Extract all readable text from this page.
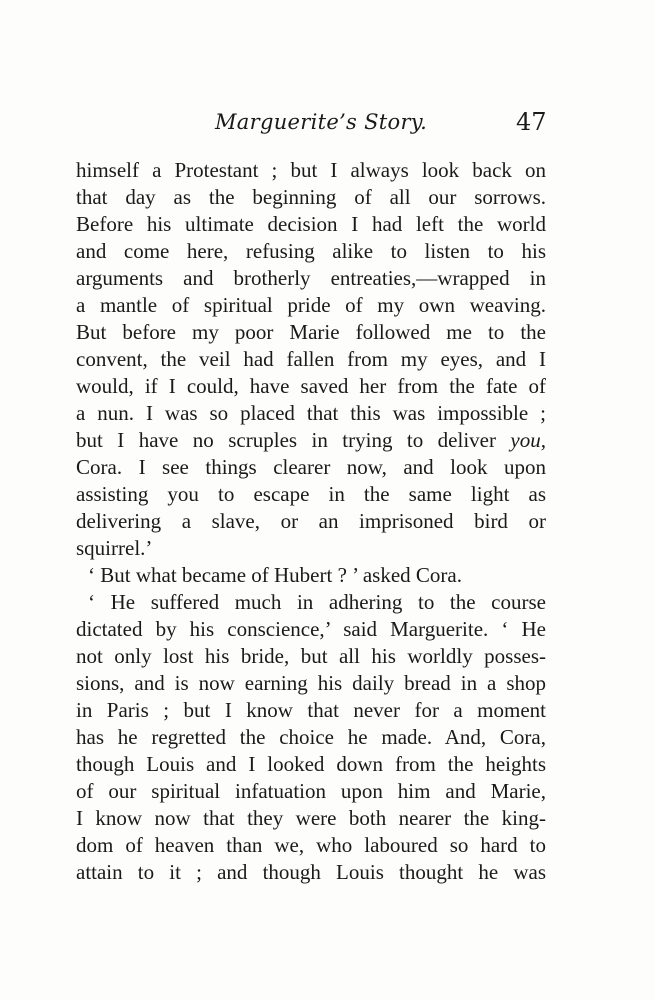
Marguerite’s Story.	47
himself a Protestant ; but I always look back on
that day as the beginning of all our sorrows.
Before his ultimate decision I had left the world
and come here, refusing alike to listen to his
arguments and brotherly entreaties,—wrapped in
a mantle of spiritual pride of my own weaving.
But before my poor Marie followed me to the
convent, the veil had fallen from my eyes, and I
would, if I could, have saved her from the fate of
a nun. I was so placed that this was impossible ;
but I have no scruples in trying to deliver you,
Cora. I see things clearer now, and look upon
assisting you to escape in the same light as
delivering a slave, or an imprisoned bird or
squirrel.’
‘ But what became of Hubert ? ’ asked Cora.
‘ He suffered much in adhering to the course
dictated by his conscience,’ said Marguerite. ‘ He
not only lost his bride, but all his worldly posses-
sions, and is now earning his daily bread in a shop
in Paris ; but I know that never for a moment
has he regretted the choice he made. And, Cora,
though Louis and I looked down from the heights
of our spiritual infatuation upon him and Marie,
I know now that they were both nearer the king-
dom of heaven than we, who laboured so hard to
attain to it ; and though Louis thought he was
